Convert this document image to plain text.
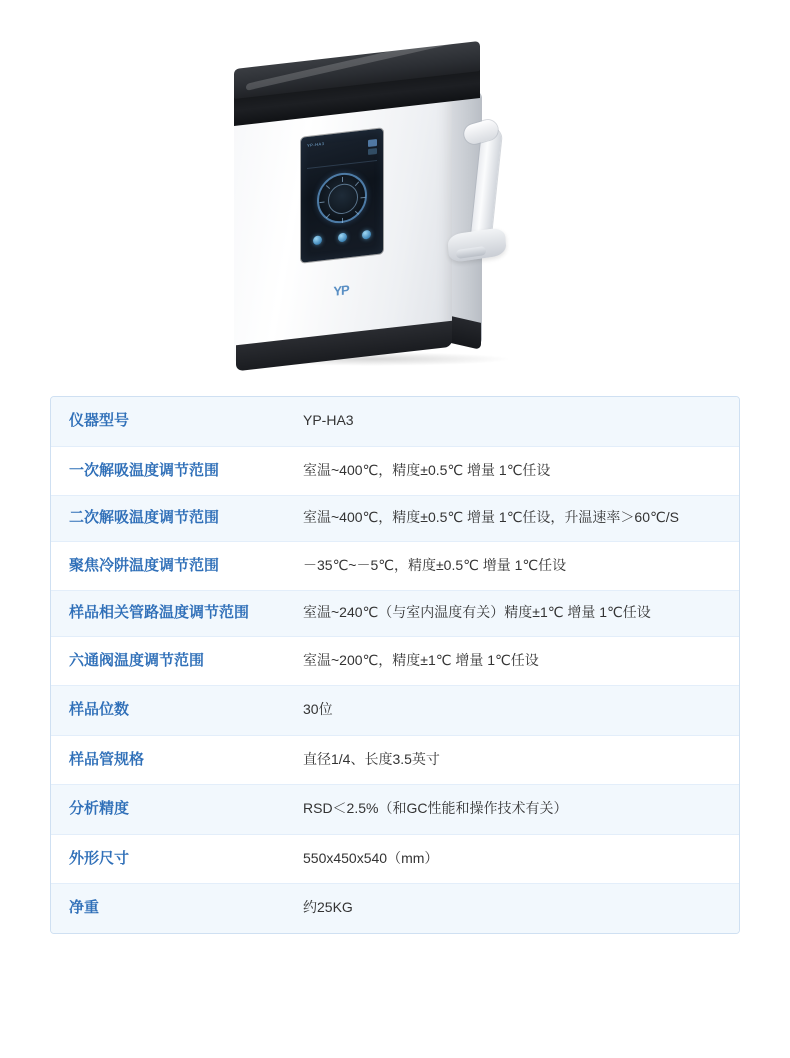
YP-HA3
YP
仪器型号	YP-HA3
一次解吸温度调节范围	室温~400℃，精度±0.5℃ 增量 1℃任设
二次解吸温度调节范围	室温~400℃，精度±0.5℃ 增量 1℃任设，升温速率＞60℃/S
聚焦冷阱温度调节范围	－35℃~－5℃，精度±0.5℃ 增量 1℃任设
样品相关管路温度调节范围	室温~240℃（与室内温度有关）精度±1℃ 增量 1℃任设
六通阀温度调节范围	室温~200℃，精度±1℃ 增量 1℃任设
样品位数	30位
样品管规格	直径1/4、长度3.5英寸
分析精度	RSD＜2.5%（和GC性能和操作技术有关）
外形尺寸	550x450x540（mm）
净重	约25KG
